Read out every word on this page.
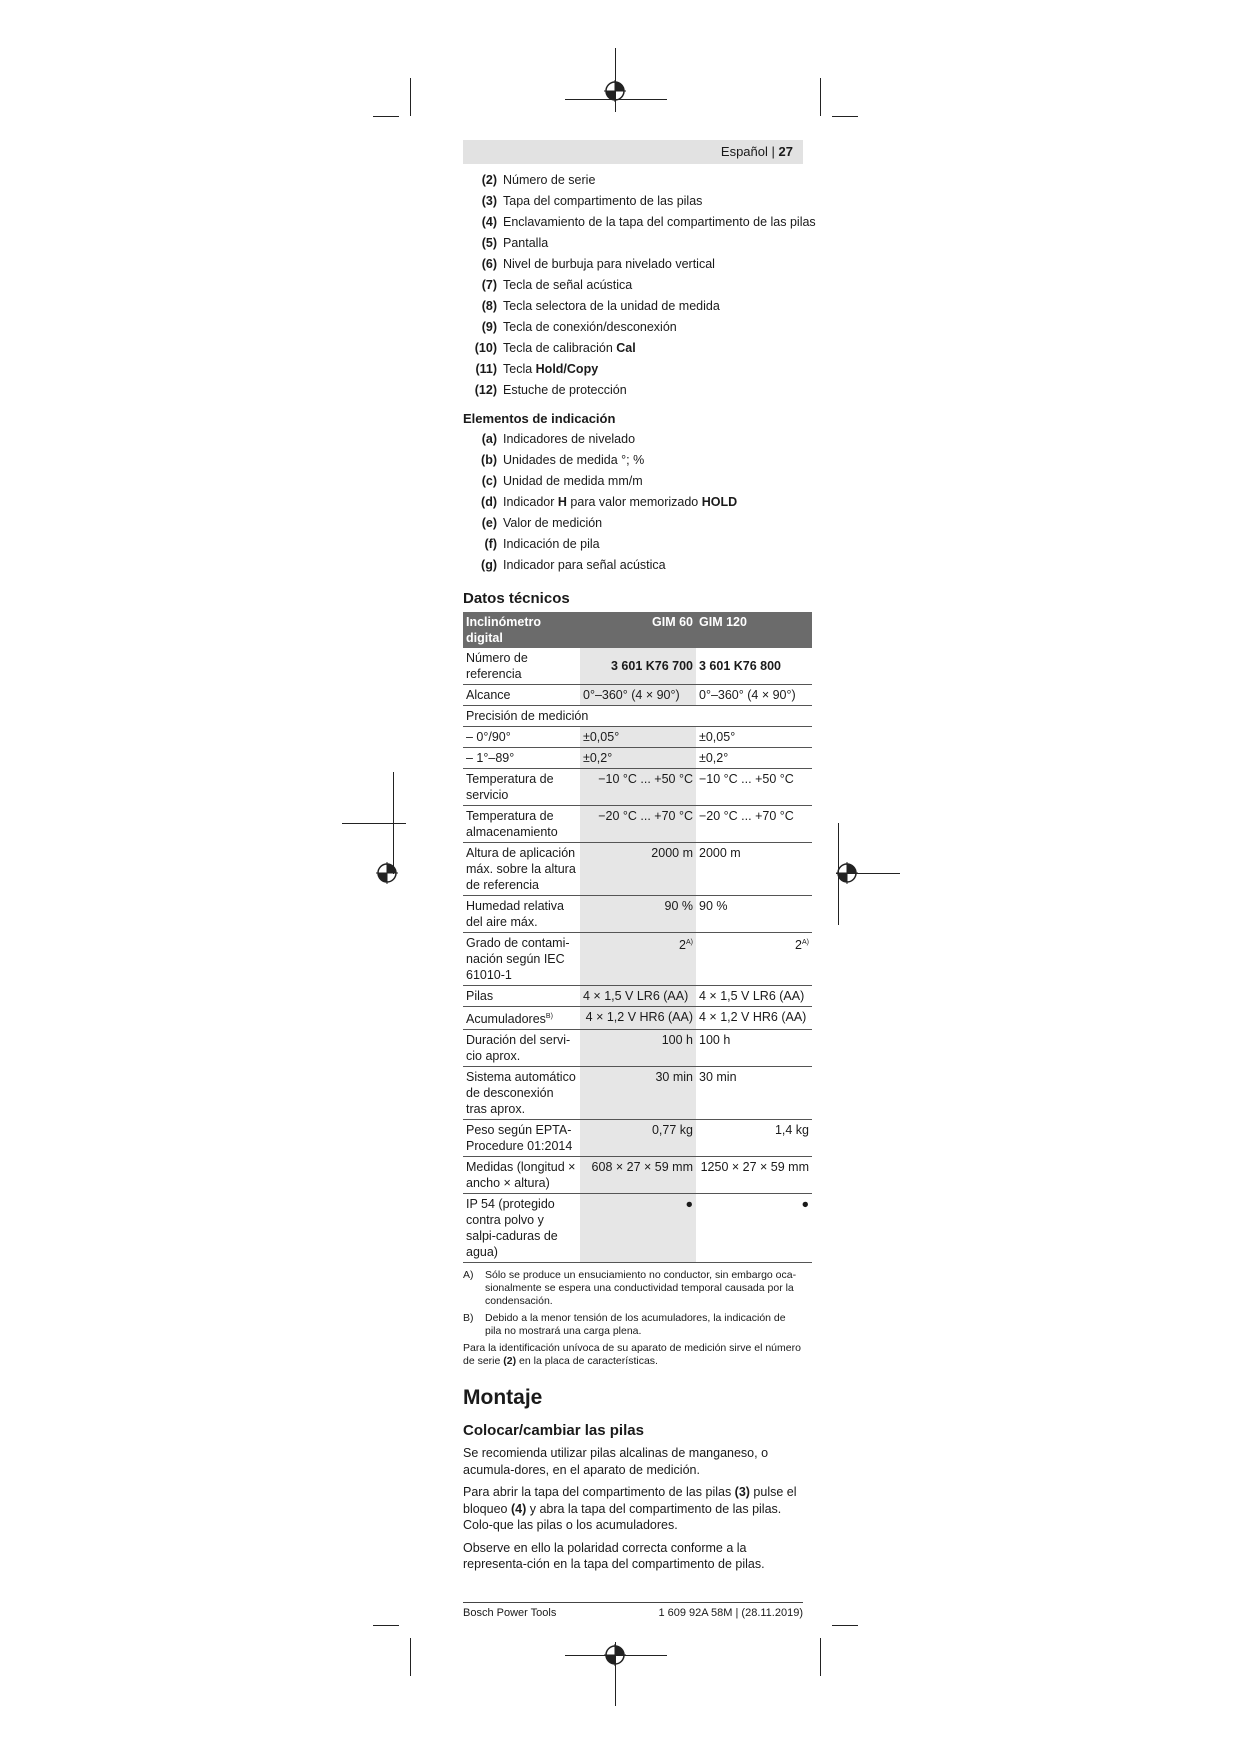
Español | 27
(2) Número de serie
(3) Tapa del compartimento de las pilas
(4) Enclavamiento de la tapa del compartimento de las pilas
(5) Pantalla
(6) Nivel de burbuja para nivelado vertical
(7) Tecla de señal acústica
(8) Tecla selectora de la unidad de medida
(9) Tecla de conexión/desconexión
(10) Tecla de calibración Cal
(11) Tecla Hold/Copy
(12) Estuche de protección
Elementos de indicación
(a) Indicadores de nivelado
(b) Unidades de medida °; %
(c) Unidad de medida mm/m
(d) Indicador H para valor memorizado HOLD
(e) Valor de medición
(f) Indicación de pila
(g) Indicador para señal acústica
Datos técnicos
Inclinómetro digital	GIM 60	GIM 120
Número de referencia	3 601 K76 700	3 601 K76 800
Alcance	0°–360° (4 × 90°)	0°–360° (4 × 90°)
Precisión de medición		
– 0°/90°	±0,05°	±0,05°
– 1°–89°	±0,2°	±0,2°
Temperatura de servicio	−10 °C ... +50 °C	−10 °C ... +50 °C
Temperatura de almacenamiento	−20 °C ... +70 °C	−20 °C ... +70 °C
Altura de aplicación máx. sobre la altura de referencia	2000 m	2000 m
Humedad relativa del aire máx.	90 %	90 %
Grado de contami-nación según IEC 61010-1	$2^{A)}$	$2^{A)}$
Pilas	4 × 1,5 V LR6 (AA)	4 × 1,5 V LR6 (AA)
Acumuladores$^{B)}$	4 × 1,2 V HR6 (AA)	4 × 1,2 V HR6 (AA)
Duración del servi-cio aprox.	100 h	100 h
Sistema automático de desconexión tras aprox.	30 min	30 min
Peso según EPTA-Procedure 01:2014	0,77 kg	1,4 kg
Medidas (longitud × ancho × altura)	608 × 27 × 59 mm	1250 × 27 × 59 mm
IP 54 (protegido contra polvo y salpi-caduras de agua)	●	●
A)	Sólo se produce un ensuciamiento no conductor, sin embargo oca-sionalmente se espera una conductividad temporal causada por la condensación.
B)	Debido a la menor tensión de los acumuladores, la indicación de pila no mostrará una carga plena.

Para la identificación unívoca de su aparato de medición sirve el número de serie (2) en la placa de características.

Montaje
Colocar/cambiar las pilas

Se recomienda utilizar pilas alcalinas de manganeso, o acumula-dores, en el aparato de medición.

Para abrir la tapa del compartimento de las pilas (3) pulse el bloqueo (4) y abra la tapa del compartimento de las pilas. Colo-que las pilas o los acumuladores.

Observe en ello la polaridad correcta conforme a la representa-ción en la tapa del compartimento de pilas.

Bosch Power Tools	1 609 92A 58M | (28.11.2019)
